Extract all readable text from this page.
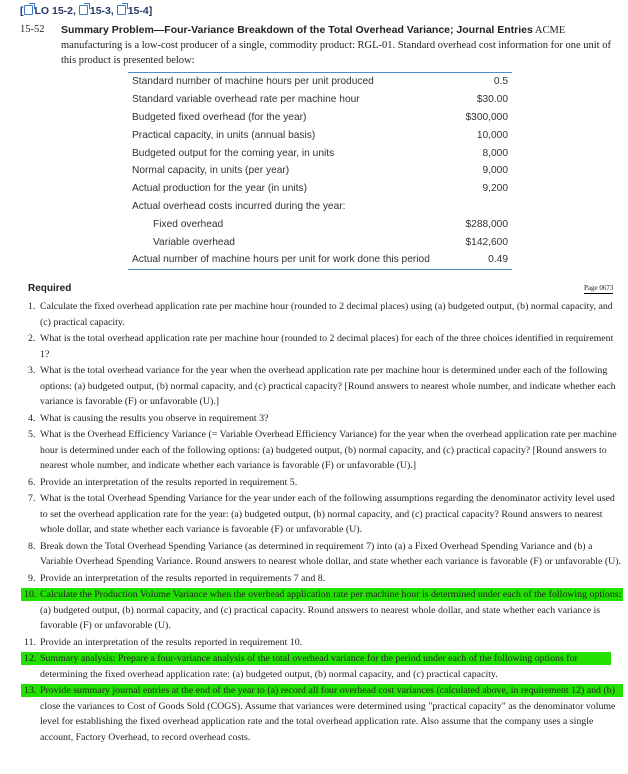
[ LO 15-2, 15-3, 15-4]
15-52 Summary Problem—Four-Variance Breakdown of the Total Overhead Variance; Journal Entries ACME
manufacturing is a low-cost producer of a single, commodity product: RGL-01. Standard overhead cost information for one unit of this product is presented below:
Standard number of machine hours per unit produced	0.5
Standard variable overhead rate per machine hour	$30.00
Budgeted fixed overhead (for the year)	$300,000
Practical capacity, in units (annual basis)	10,000
Budgeted output for the coming year, in units	8,000
Normal capacity, in units (per year)	9,000
Actual production for the year (in units)	9,200
Actual overhead costs incurred during the year:
Fixed overhead	$288,000
Variable overhead	$142,600
Actual number of machine hours per unit for work done this period	0.49
Required	Page 0673
1. Calculate the fixed overhead application rate per machine hour (rounded to 2 decimal places) using (a) budgeted output, (b) normal capacity, and (c) practical capacity.
2. What is the total overhead application rate per machine hour (rounded to 2 decimal places) for each of the three choices identified in requirement 1?
3. What is the total overhead variance for the year when the overhead application rate per machine hour is determined under each of the following options: (a) budgeted output, (b) normal capacity, and (c) practical capacity? [Round answers to nearest whole number, and indicate whether each variance is favorable (F) or unfavorable (U).]
4. What is causing the results you observe in requirement 3?
5. What is the Overhead Efficiency Variance (= Variable Overhead Efficiency Variance) for the year when the overhead application rate per machine hour is determined under each of the following options: (a) budgeted output, (b) normal capacity, and (c) practical capacity? [Round answers to nearest whole number, and indicate whether each variance is favorable (F) or unfavorable (U).]
6. Provide an interpretation of the results reported in requirement 5.
7. What is the total Overhead Spending Variance for the year under each of the following assumptions regarding the denominator activity level used to set the overhead application rate for the year: (a) budgeted output, (b) normal capacity, and (c) practical capacity? Round answers to nearest whole dollar, and state whether each variance is favorable (F) or unfavorable (U).
8. Break down the Total Overhead Spending Variance (as determined in requirement 7) into (a) a Fixed Overhead Spending Variance and (b) a Variable Overhead Spending Variance. Round answers to nearest whole dollar, and state whether each variance is favorable (F) or unfavorable (U).
9. Provide an interpretation of the results reported in requirements 7 and 8.
10. Calculate the Production Volume Variance when the overhead application rate per machine hour is determined under each of the following options: (a) budgeted output, (b) normal capacity, and (c) practical capacity. Round answers to nearest whole dollar, and state whether each variance is favorable (F) or unfavorable (U).
11. Provide an interpretation of the results reported in requirement 10.
12. Summary analysis: Prepare a four-variance analysis of the total overhead variance for the period under each of the following options for determining the fixed overhead application rate: (a) budgeted output, (b) normal capacity, and (c) practical capacity.
13. Provide summary journal entries at the end of the year to (a) record all four overhead cost variances (calculated above, in requirement 12) and (b) close the variances to Cost of Goods Sold (COGS). Assume that variances were determined using "practical capacity" as the denominator volume level for establishing the fixed overhead application rate and the total overhead application rate. Also assume that the company uses a single account, Factory Overhead, to record overhead costs.
